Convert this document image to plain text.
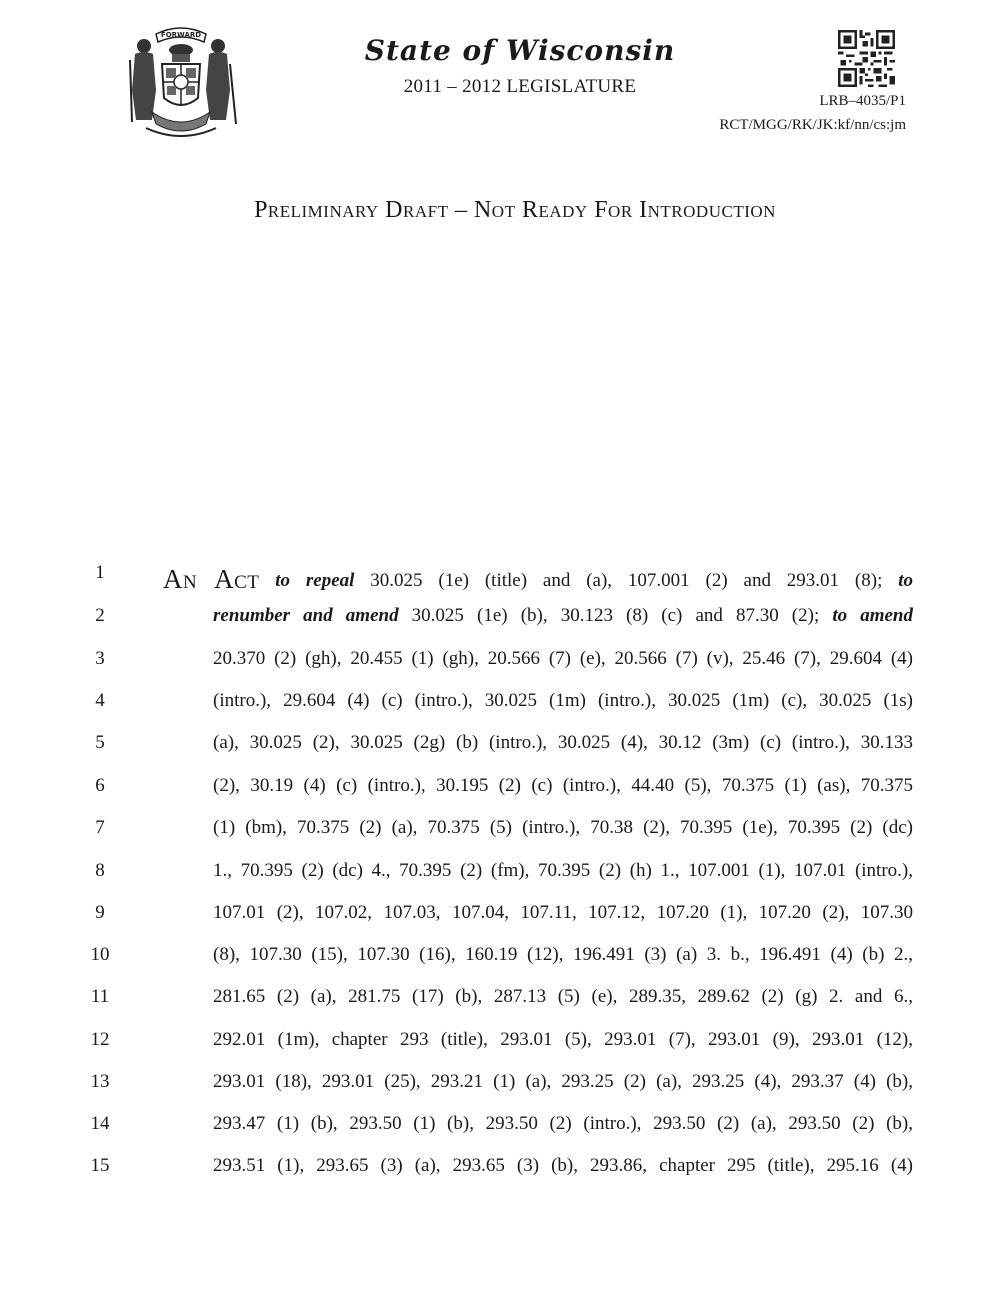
FORWARD	State of Wisconsin
2011 – 2012 LEGISLATURE
LRB–4035/P1
RCT/MGG/RK/JK:kf/nn/cs:jm
Preliminary Draft – Not Ready For Introduction
1	An Act to repeal 30.025 (1e) (title) and (a), 107.001 (2) and 293.01 (8); to
2	renumber and amend 30.025 (1e) (b), 30.123 (8) (c) and 87.30 (2); to amend
3	20.370 (2) (gh), 20.455 (1) (gh), 20.566 (7) (e), 20.566 (7) (v), 25.46 (7), 29.604 (4)
4	(intro.), 29.604 (4) (c) (intro.), 30.025 (1m) (intro.), 30.025 (1m) (c), 30.025 (1s)
5	(a), 30.025 (2), 30.025 (2g) (b) (intro.), 30.025 (4), 30.12 (3m) (c) (intro.), 30.133
6	(2), 30.19 (4) (c) (intro.), 30.195 (2) (c) (intro.), 44.40 (5), 70.375 (1) (as), 70.375
7	(1) (bm), 70.375 (2) (a), 70.375 (5) (intro.), 70.38 (2), 70.395 (1e), 70.395 (2) (dc)
8	1., 70.395 (2) (dc) 4., 70.395 (2) (fm), 70.395 (2) (h) 1., 107.001 (1), 107.01 (intro.),
9	107.01 (2), 107.02, 107.03, 107.04, 107.11, 107.12, 107.20 (1), 107.20 (2), 107.30
10	(8), 107.30 (15), 107.30 (16), 160.19 (12), 196.491 (3) (a) 3. b., 196.491 (4) (b) 2.,
11	281.65 (2) (a), 281.75 (17) (b), 287.13 (5) (e), 289.35, 289.62 (2) (g) 2. and 6.,
12	292.01 (1m), chapter 293 (title), 293.01 (5), 293.01 (7), 293.01 (9), 293.01 (12),
13	293.01 (18), 293.01 (25), 293.21 (1) (a), 293.25 (2) (a), 293.25 (4), 293.37 (4) (b),
14	293.47 (1) (b), 293.50 (1) (b), 293.50 (2) (intro.), 293.50 (2) (a), 293.50 (2) (b),
15	293.51 (1), 293.65 (3) (a), 293.65 (3) (b), 293.86, chapter 295 (title), 295.16 (4)
